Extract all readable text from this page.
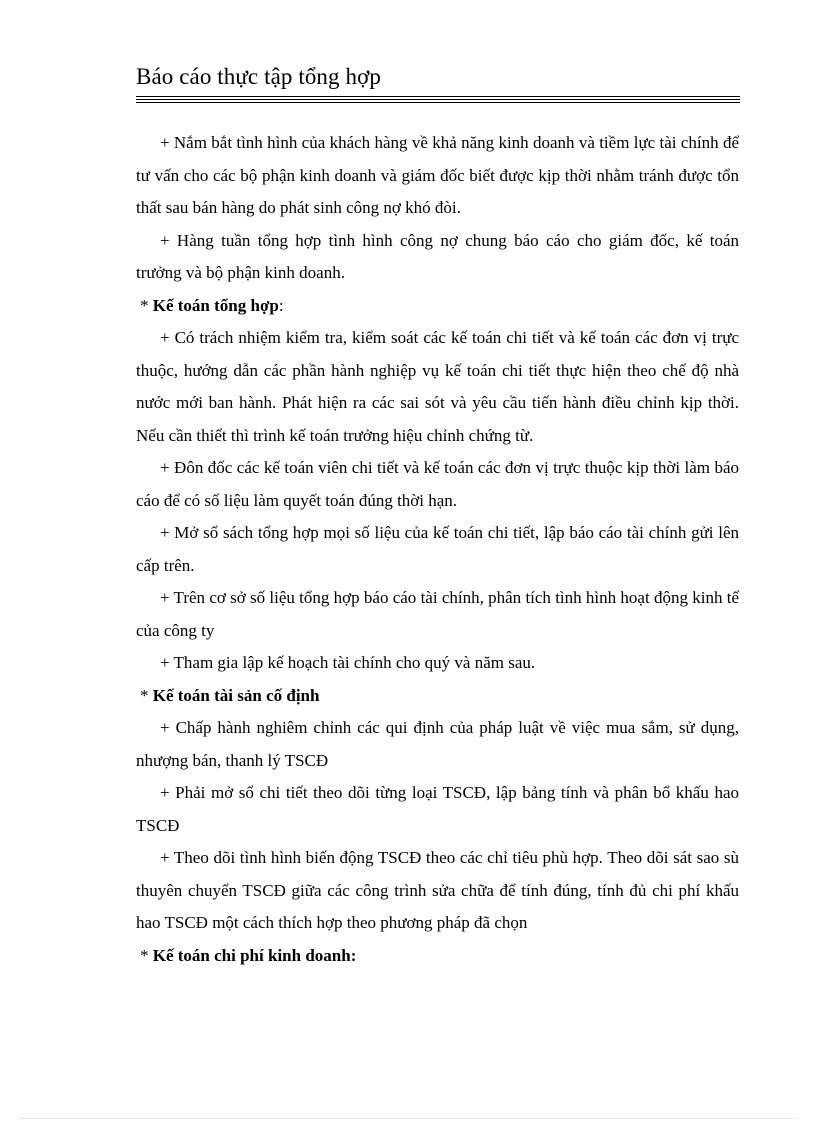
Báo cáo thực tập tổng hợp

+ Nắm bắt tình hình của khách hàng về khả năng kinh doanh và tiềm lực tài chính để tư vấn cho các bộ phận kinh doanh và giám đốc biết được kịp thời nhằm tránh được tổn thất sau bán hàng do phát sinh công nợ khó đòi.

+ Hàng tuần tổng hợp tình hình công nợ chung báo cáo cho giám đốc, kế toán trưởng và bộ phận kinh doanh.

* Kế toán tổng hợp:

+ Có trách nhiệm kiểm tra, kiểm soát các kế toán chi tiết và kế toán các đơn vị trực thuộc, hướng dẫn các phần hành nghiệp vụ kế toán chi tiết thực hiện theo chế độ nhà nước mới ban hành. Phát hiện ra các sai sót và yêu cầu tiến hành điều chỉnh kịp thời. Nếu cần thiết thì trình kế toán trưởng hiệu chỉnh chứng từ.

+ Đôn đốc các kế toán viên chi tiết và kế toán các đơn vị trực thuộc kịp thời làm báo cáo để có số liệu làm quyết toán đúng thời hạn.

+ Mở sổ sách tổng hợp mọi số liệu của kế toán chi tiết, lập báo cáo tài chính gửi lên cấp trên.

+ Trên cơ sở số liệu tổng hợp báo cáo tài chính, phân tích tình hình hoạt động kinh tế của công ty

+ Tham gia lập kế hoạch tài chính cho quý và năm sau.

* Kế toán tài sản cố định

+ Chấp hành nghiêm chỉnh các qui định của pháp luật về việc mua sắm, sử dụng, nhượng bán, thanh lý TSCĐ

+ Phải mở sổ chi tiết theo dõi từng loại TSCĐ, lập bảng tính và phân bổ khấu hao TSCĐ

+ Theo dõi tình hình biến động TSCĐ theo các chỉ tiêu phù hợp. Theo dõi sát sao sù thuyên chuyển TSCĐ giữa các công trình sửa chữa để tính đúng, tính đủ chi phí khấu hao TSCĐ một cách thích hợp theo phương pháp đã chọn

* Kế toán chi phí kinh doanh:
